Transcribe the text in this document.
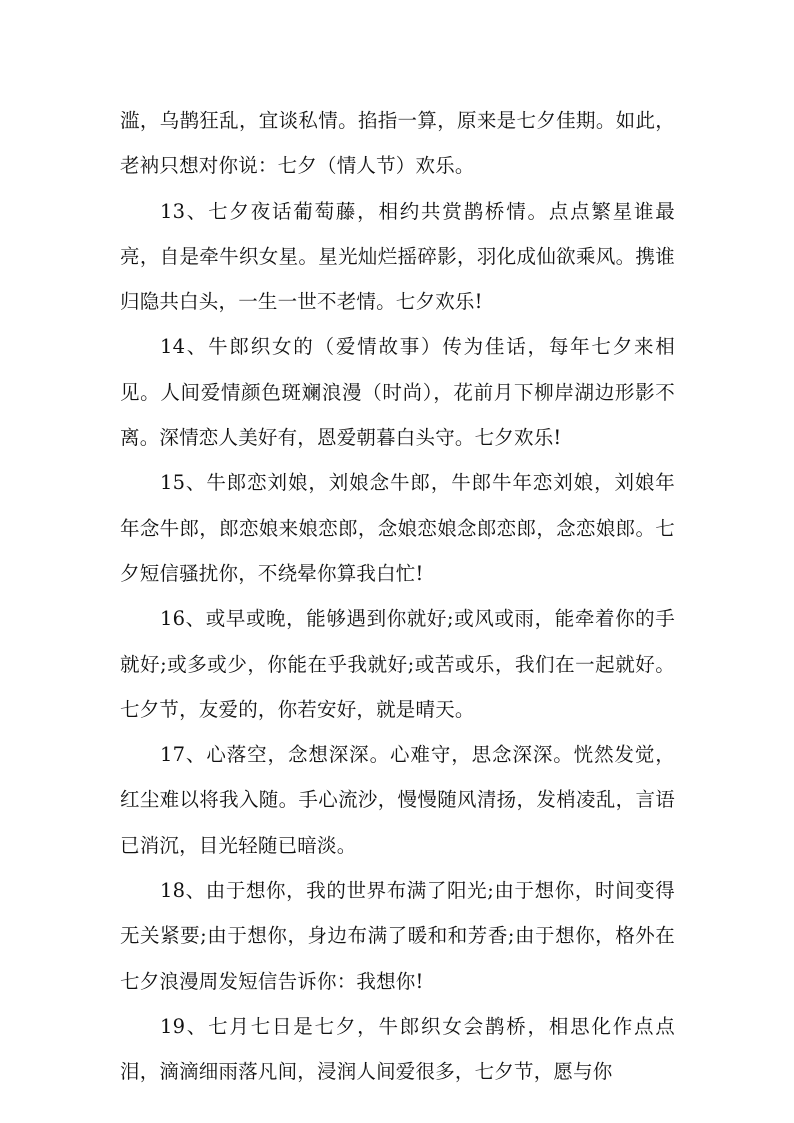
滥，乌鹊狂乱，宜谈私情。掐指一算，原来是七夕佳期。如此，老衲只想对你说：七夕（情人节）欢乐。

13、七夕夜话葡萄藤，相约共赏鹊桥情。点点繁星谁最亮，自是牵牛织女星。星光灿烂摇碎影，羽化成仙欲乘风。携谁归隐共白头，一生一世不老情。七夕欢乐!

14、牛郎织女的（爱情故事）传为佳话，每年七夕来相见。人间爱情颜色斑斓浪漫（时尚），花前月下柳岸湖边形影不离。深情恋人美好有，恩爱朝暮白头守。七夕欢乐!

15、牛郎恋刘娘，刘娘念牛郎，牛郎牛年恋刘娘，刘娘年年念牛郎，郎恋娘来娘恋郎，念娘恋娘念郎恋郎，念恋娘郎。七夕短信骚扰你，不绕晕你算我白忙!

16、或早或晚，能够遇到你就好;或风或雨，能牵着你的手就好;或多或少，你能在乎我就好;或苦或乐，我们在一起就好。七夕节，友爱的，你若安好，就是晴天。

17、心落空，念想深深。心难守，思念深深。恍然发觉，红尘难以将我入随。手心流沙，慢慢随风清扬，发梢凌乱，言语已消沉，目光轻随已暗淡。

18、由于想你，我的世界布满了阳光;由于想你，时间变得无关紧要;由于想你，身边布满了暖和和芳香;由于想你，格外在七夕浪漫周发短信告诉你：我想你!

19、七月七日是七夕，牛郎织女会鹊桥，相思化作点点泪，滴滴细雨落凡间，浸润人间爱很多，七夕节，愿与你
